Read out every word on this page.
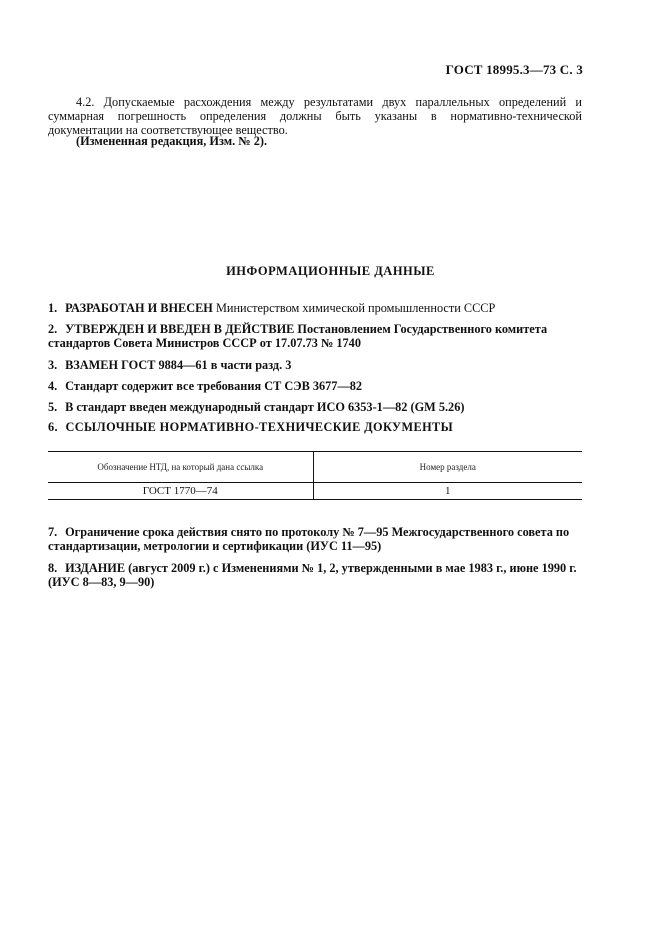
ГОСТ 18995.3—73 С. 3
4.2. Допускаемые расхождения между результатами двух параллельных определений и суммарная погрешность определения должны быть указаны в нормативно-технической документации на соответствующее вещество.
(Измененная редакция, Изм. № 2).
ИНФОРМАЦИОННЫЕ ДАННЫЕ
1. РАЗРАБОТАН И ВНЕСЕН Министерством химической промышленности СССР
2. УТВЕРЖДЕН И ВВЕДЕН В ДЕЙСТВИЕ Постановлением Государственного комитета стандартов Совета Министров СССР от 17.07.73 № 1740
3. ВЗАМЕН ГОСТ 9884—61 в части разд. 3
4. Стандарт содержит все требования СТ СЭВ 3677—82
5. В стандарт введен международный стандарт ИСО 6353-1—82 (GM 5.26)
6. ССЫЛОЧНЫЕ НОРМАТИВНО-ТЕХНИЧЕСКИЕ ДОКУМЕНТЫ
Обозначение НТД, на который дана ссылка	Номер раздела
ГОСТ 1770—74	1
7. Ограничение срока действия снято по протоколу № 7—95 Межгосударственного совета по стандартизации, метрологии и сертификации (ИУС 11—95)
8. ИЗДАНИЕ (август 2009 г.) с Изменениями № 1, 2, утвержденными в мае 1983 г., июне 1990 г. (ИУС 8—83, 9—90)
